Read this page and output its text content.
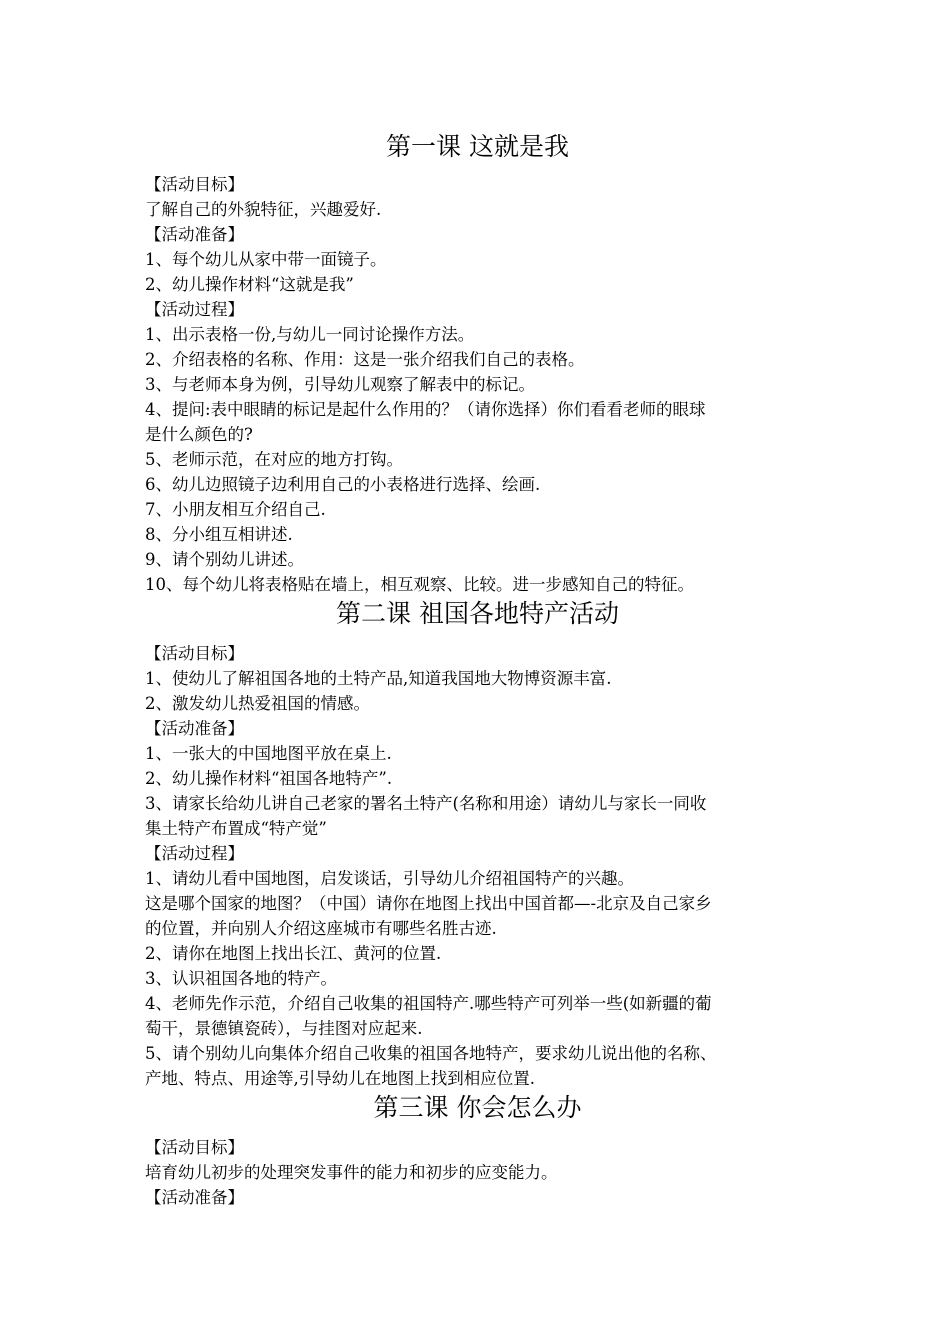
第一课 这就是我

【活动目标】

了解自己的外貌特征，兴趣爱好.

【活动准备】

1、每个幼儿从家中带一面镜子。

2、幼儿操作材料“这就是我”

【活动过程】

1、出示表格一份,与幼儿一同讨论操作方法。

2、介绍表格的名称、作用：这是一张介绍我们自己的表格。

3、与老师本身为例，引导幼儿观察了解表中的标记。

4、提问:表中眼睛的标记是起什么作用的？（请你选择）你们看看老师的眼球

是什么颜色的?

5、老师示范，在对应的地方打钩。

6、幼儿边照镜子边利用自己的小表格进行选择、绘画.

7、小朋友相互介绍自己.

8、分小组互相讲述.

9、请个别幼儿讲述。

10、每个幼儿将表格贴在墙上，相互观察、比较。进一步感知自己的特征。

第二课 祖国各地特产活动

【活动目标】

1、使幼儿了解祖国各地的土特产品,知道我国地大物博资源丰富.

2、激发幼儿热爱祖国的情感。

【活动准备】

1、一张大的中国地图平放在桌上.

2、幼儿操作材料“祖国各地特产”.

3、请家长给幼儿讲自己老家的署名土特产(名称和用途）请幼儿与家长一同收

集土特产布置成“特产觉”

【活动过程】

1、请幼儿看中国地图，启发谈话，引导幼儿介绍祖国特产的兴趣。

这是哪个国家的地图？（中国）请你在地图上找出中国首都—-北京及自己家乡

的位置，并向别人介绍这座城市有哪些名胜古迹.

2、请你在地图上找出长江、黄河的位置.

3、认识祖国各地的特产。

4、老师先作示范，介绍自己收集的祖国特产.哪些特产可列举一些(如新疆的葡

萄干，景德镇瓷砖），与挂图对应起来.

5、请个别幼儿向集体介绍自己收集的祖国各地特产，要求幼儿说出他的名称、

产地、特点、用途等,引导幼儿在地图上找到相应位置.

第三课 你会怎么办

【活动目标】

培育幼儿初步的处理突发事件的能力和初步的应变能力。

【活动准备】
